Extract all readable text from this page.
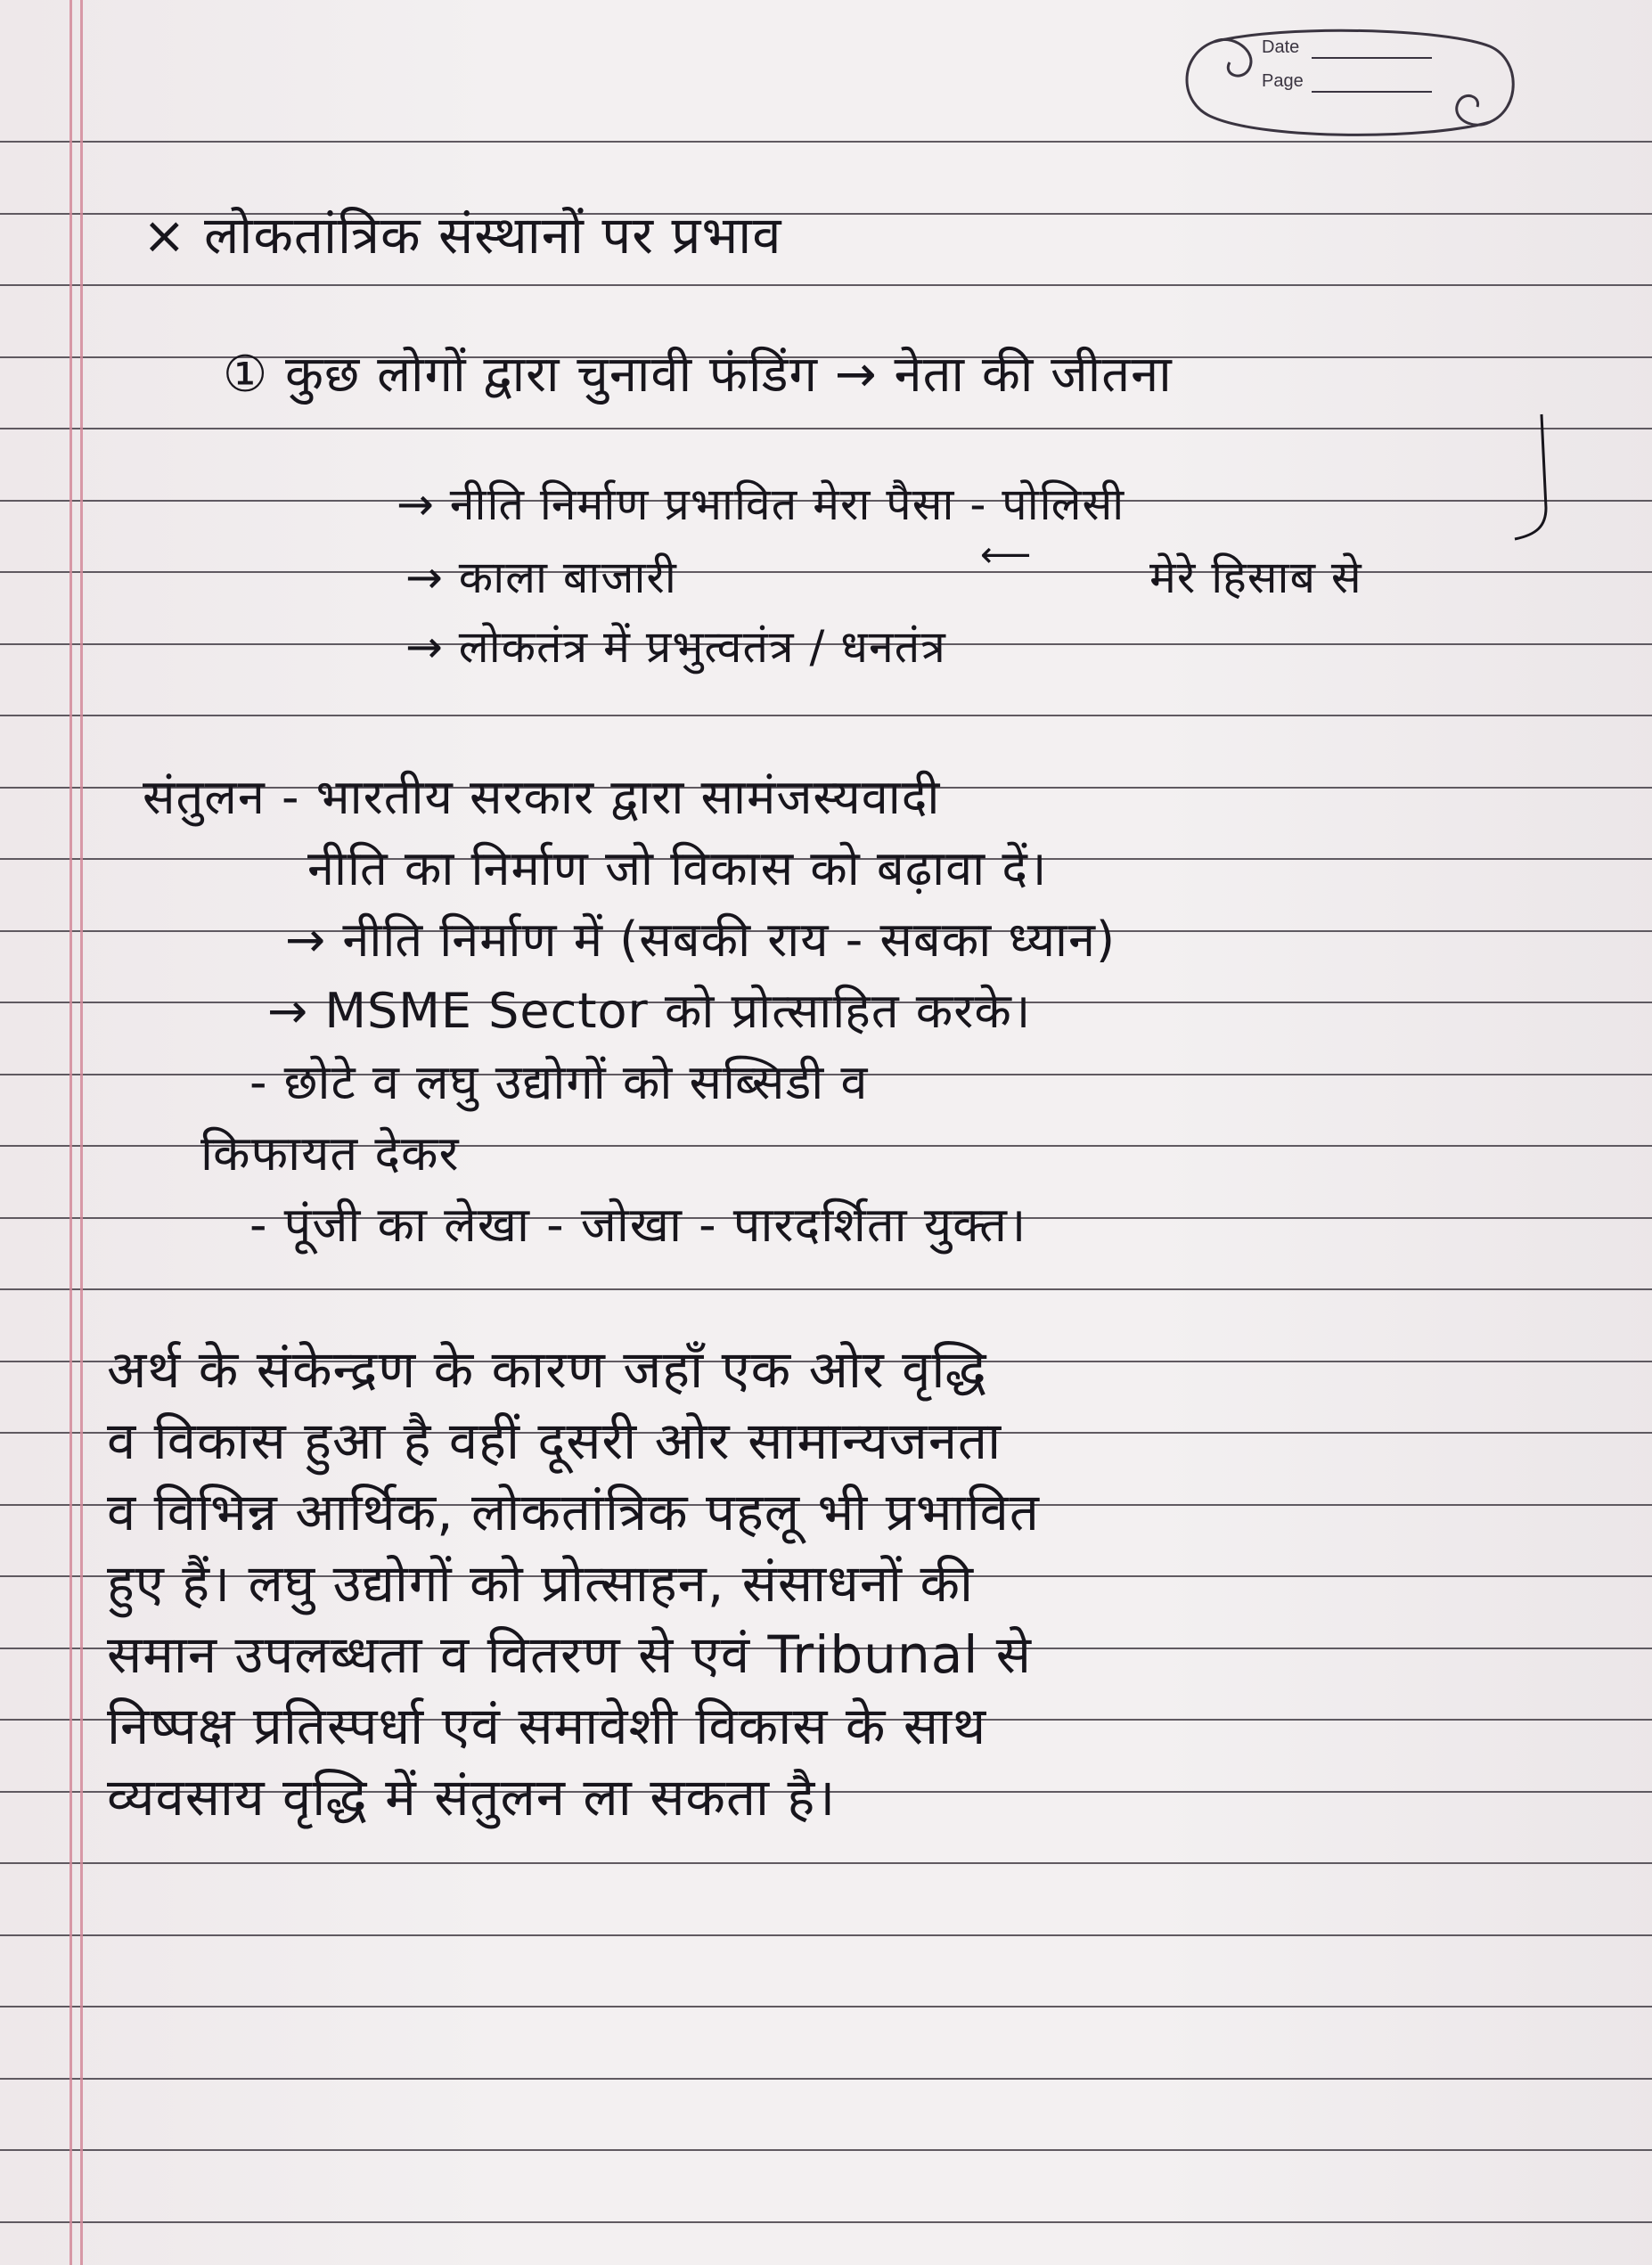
Date
Page
× लोकतांत्रिक संस्थानों पर प्रभाव
① कुछ लोगों द्वारा चुनावी फंडिंग → नेता की जीतना
→ नीति निर्माण प्रभावित मेरा पैसा - पोलिसी
→ काला बाजारी	मेरे हिसाब से
⟵
→ लोकतंत्र में प्रभुत्वतंत्र / धनतंत्र
संतुलन - भारतीय सरकार द्वारा सामंजस्यवादी
नीति का निर्माण जो विकास को बढ़ावा दें।
→ नीति निर्माण में (सबकी राय - सबका ध्यान)
→ MSME Sector को प्रोत्साहित करके।
- छोटे व लघु उद्योगों को सब्सिडी व
किफायत देकर
- पूंजी का लेखा - जोखा - पारदर्शिता युक्त।
अर्थ के संकेन्द्रण के कारण जहाँ एक ओर वृद्धि
व विकास हुआ है वहीं दूसरी ओर सामान्यजनता
व विभिन्न आर्थिक, लोकतांत्रिक पहलू भी प्रभावित
हुए हैं। लघु उद्योगों को प्रोत्साहन, संसाधनों की
समान उपलब्धता व वितरण से एवं Tribunal से
निष्पक्ष प्रतिस्पर्धा एवं समावेशी विकास के साथ
व्यवसाय वृद्धि में संतुलन ला सकता है।
